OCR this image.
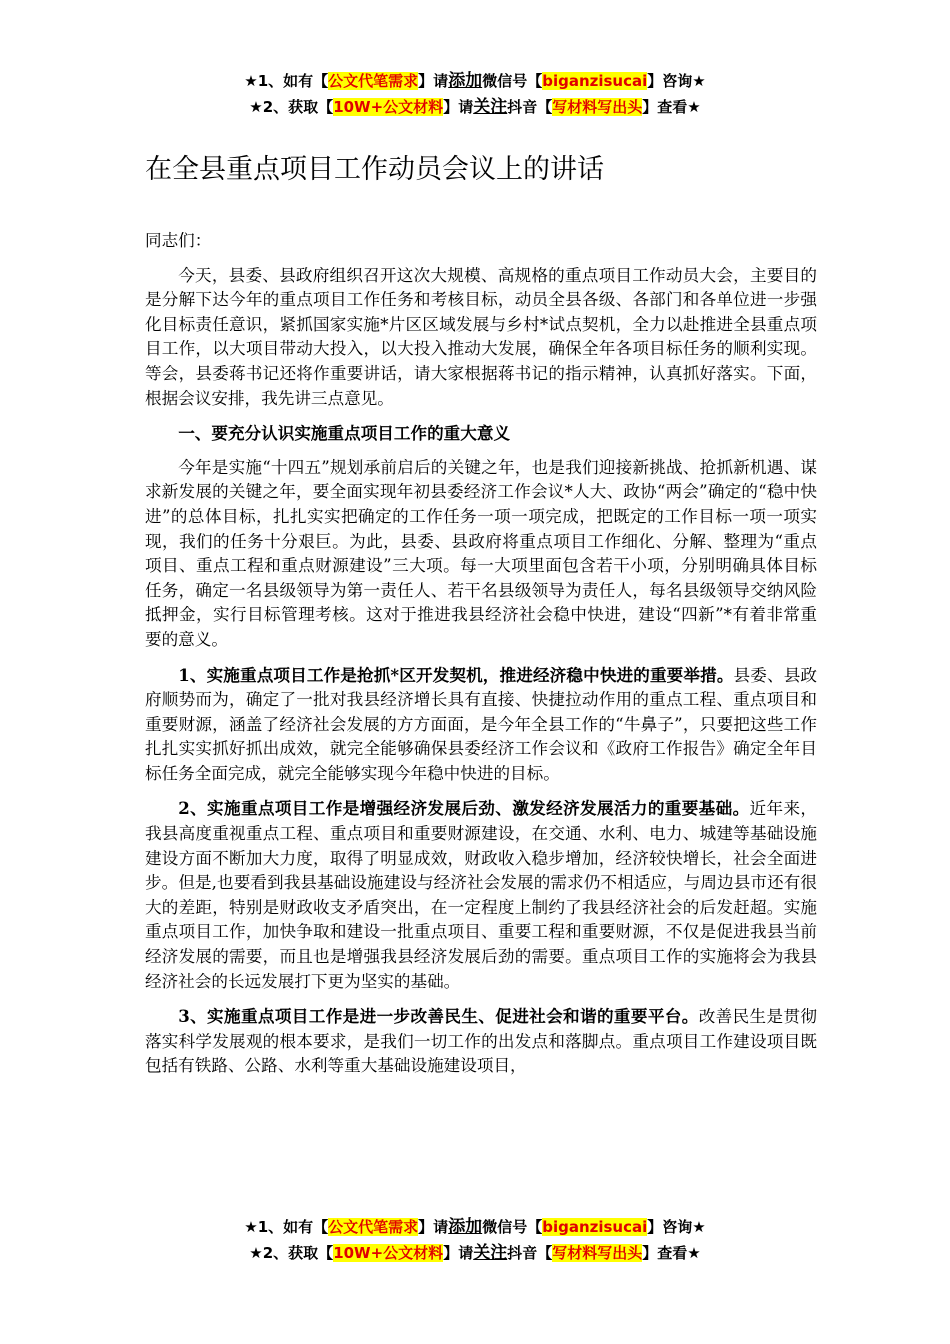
★1、如有【公文代笔需求】请添加微信号【biganzisucai】咨询★
★2、获取【10W+公文材料】请关注抖音【写材料写出头】查看★
在全县重点项目工作动员会议上的讲话

同志们：

今天，县委、县政府组织召开这次大规模、高规格的重点项目工作动员大会，主要目的是分解下达今年的重点项目工作任务和考核目标，动员全县各级、各部门和各单位进一步强化目标责任意识，紧抓国家实施*片区区域发展与乡村*试点契机，全力以赴推进全县重点项目工作，以大项目带动大投入，以大投入推动大发展，确保全年各项目标任务的顺利实现。等会，县委蒋书记还将作重要讲话，请大家根据蒋书记的指示精神，认真抓好落实。下面，根据会议安排，我先讲三点意见。

一、要充分认识实施重点项目工作的重大意义

今年是实施“十四五”规划承前启后的关键之年，也是我们迎接新挑战、抢抓新机遇、谋求新发展的关键之年，要全面实现年初县委经济工作会议*人大、政协“两会”确定的“稳中快进”的总体目标，扎扎实实把确定的工作任务一项一项完成，把既定的工作目标一项一项实现，我们的任务十分艰巨。为此，县委、县政府将重点项目工作细化、分解、整理为“重点项目、重点工程和重点财源建设”三大项。每一大项里面包含若干小项，分别明确具体目标任务，确定一名县级领导为第一责任人、若干名县级领导为责任人，每名县级领导交纳风险抵押金，实行目标管理考核。这对于推进我县经济社会稳中快进，建设“四新”*有着非常重要的意义。

1、实施重点项目工作是抢抓*区开发契机，推进经济稳中快进的重要举措。县委、县政府顺势而为，确定了一批对我县经济增长具有直接、快捷拉动作用的重点工程、重点项目和重要财源，涵盖了经济社会发展的方方面面，是今年全县工作的“牛鼻子”，只要把这些工作扎扎实实抓好抓出成效，就完全能够确保县委经济工作会议和《政府工作报告》确定全年目标任务全面完成，就完全能够实现今年稳中快进的目标。

2、实施重点项目工作是增强经济发展后劲、激发经济发展活力的重要基础。近年来，我县高度重视重点工程、重点项目和重要财源建设，在交通、水利、电力、城建等基础设施建设方面不断加大力度，取得了明显成效，财政收入稳步增加，经济较快增长，社会全面进步。但是,也要看到我县基础设施建设与经济社会发展的需求仍不相适应，与周边县市还有很大的差距，特别是财政收支矛盾突出，在一定程度上制约了我县经济社会的后发赶超。实施重点项目工作，加快争取和建设一批重点项目、重要工程和重要财源，不仅是促进我县当前经济发展的需要，而且也是增强我县经济发展后劲的需要。重点项目工作的实施将会为我县经济社会的长远发展打下更为坚实的基础。

3、实施重点项目工作是进一步改善民生、促进社会和谐的重要平台。改善民生是贯彻落实科学发展观的根本要求，是我们一切工作的出发点和落脚点。重点项目工作建设项目既包括有铁路、公路、水利等重大基础设施建设项目，

★1、如有【公文代笔需求】请添加微信号【biganzisucai】咨询★
★2、获取【10W+公文材料】请关注抖音【写材料写出头】查看★
